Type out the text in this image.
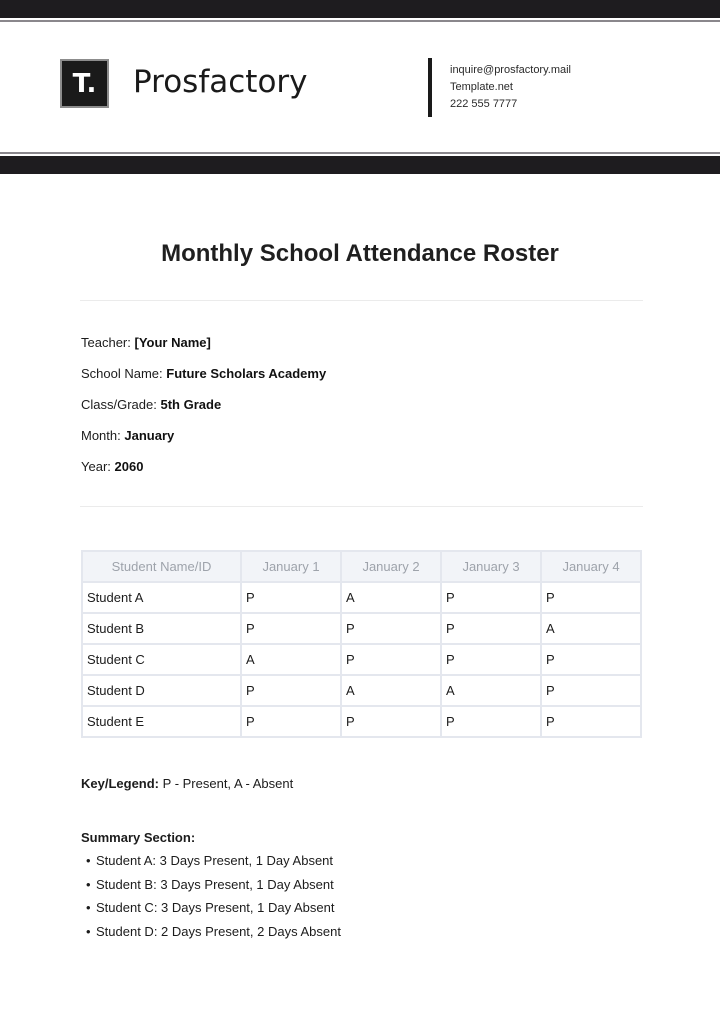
T. Prosfactory	inquire@prosfactory.mail
Template.net
222 555 7777
Monthly School Attendance Roster
Teacher: [Your Name]
School Name: Future Scholars Academy
Class/Grade: 5th Grade
Month: January
Year: 2060
Student Name/ID	January 1	January 2	January 3	January 4
Student A	P	A	P	P
Student B	P	P	P	A
Student C	A	P	P	P
Student D	P	A	A	P
Student E	P	P	P	P
Key/Legend: P - Present, A - Absent
Summary Section:
• Student A: 3 Days Present, 1 Day Absent
• Student B: 3 Days Present, 1 Day Absent
• Student C: 3 Days Present, 1 Day Absent
• Student D: 2 Days Present, 2 Days Absent
